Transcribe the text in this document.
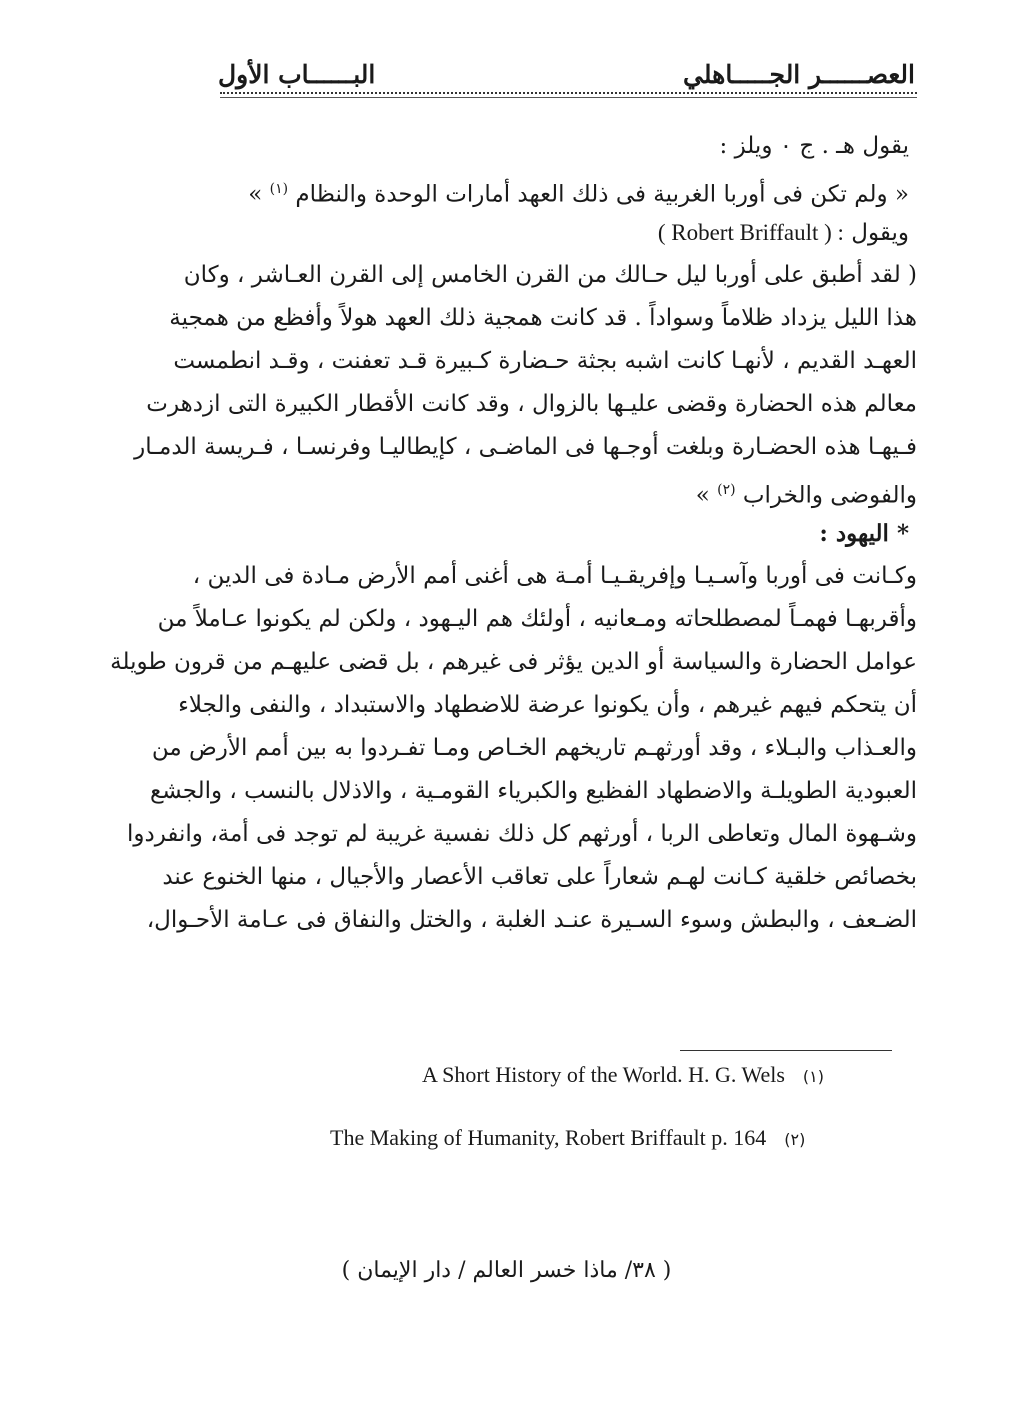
العصــــــر الجـــــاهلي
البــــــاب الأول
يقول هـ . ج ٠ ويلز :
« ولم تكن فى أوربا الغربية فى ذلك العهد أمارات الوحدة والنظام $^{(١)}$ »
ويقول ( Robert Briffault ) :
( لقد أطبق على أوربا ليل حـالك من القرن الخامس إلى القرن العـاشر ، وكان
هذا الليل يزداد ظلاماً وسواداً . قد كانت همجية ذلك العهد هولاً وأفظع من همجية
العهـد القديم ، لأنهـا كانت اشبه بجثة حـضارة كـبيرة قـد تعفنت ، وقـد انطمست
معالم هذه الحضارة وقضى عليـها بالزوال ، وقد كانت الأقطار الكبيرة التى ازدهرت
فـيهـا هذه الحضـارة وبلغت أوجـها فى الماضـى ، كإيطاليـا وفرنسـا ، فـريسة الدمـار
والفوضى والخراب $^{(٢)}$ »
* اليهود :
وكـانت فى أوربا وآسـيـا وإفريقـيـا أمـة هى أغنى أمم الأرض مـادة فى الدين ،
وأقربهـا فهمـاً لمصطلحاته ومـعانيه ، أولئك هم اليـهود ، ولكن لم يكونوا عـاملاً من
عوامل الحضارة والسياسة أو الدين يؤثر فى غيرهم ، بل قضى عليهـم من قرون طويلة
أن يتحكم فيهم غيرهم ، وأن يكونوا عرضة للاضطهاد والاستبداد ، والنفى والجلاء
والعـذاب والبـلاء ، وقد أورثهـم تاريخهم الخـاص ومـا تفـردوا به بين أمم الأرض من
العبودية الطويلـة والاضطهاد الفظيع والكبرياء القومـية ، والاذلال بالنسب ، والجشع
وشـهوة المال وتعاطى الربا ، أورثهم كل ذلك نفسية غريبة لم توجد فى أمة، وانفردوا
بخصائص خلقية كـانت لهـم شعاراً على تعاقب الأعصار والأجيال ، منها الخنوع عند
الضـعف ، والبطش وسوء السـيرة عنـد الغلبة ، والختل والنفاق فى عـامة الأحـوال،
A Short History of the World. H. G. Wels (١)
The Making of Humanity, Robert Briffault p. 164 (٢)
( ٣٨/ ماذا خسر العالم / دار الإيمان )
